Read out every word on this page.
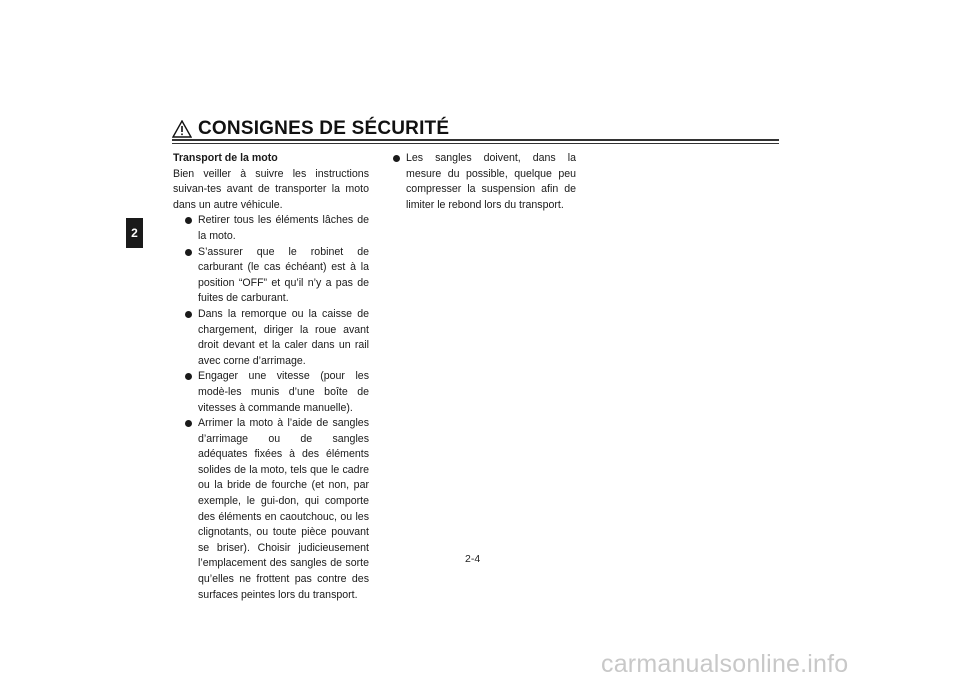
CONSIGNES DE SÉCURITÉ
2
Transport de la moto
Bien veiller à suivre les instructions suivan-tes avant de transporter la moto dans un autre véhicule.
Retirer tous les éléments lâches de la moto.
S’assurer que le robinet de carburant (le cas échéant) est à la position “OFF” et qu’il n’y a pas de fuites de carburant.
Dans la remorque ou la caisse de chargement, diriger la roue avant droit devant et la caler dans un rail avec corne d’arrimage.
Engager une vitesse (pour les modè-les munis d’une boîte de vitesses à commande manuelle).
Arrimer la moto à l’aide de sangles d’arrimage ou de sangles adéquates fixées à des éléments solides de la moto, tels que le cadre ou la bride de fourche (et non, par exemple, le gui-don, qui comporte des éléments en caoutchouc, ou les clignotants, ou toute pièce pouvant se briser). Choisir judicieusement l’emplacement des sangles de sorte qu’elles ne frottent pas contre des surfaces peintes lors du transport.
Les sangles doivent, dans la mesure du possible, quelque peu compresser la suspension afin de limiter le rebond lors du transport.
2-4
carmanualsonline.info
